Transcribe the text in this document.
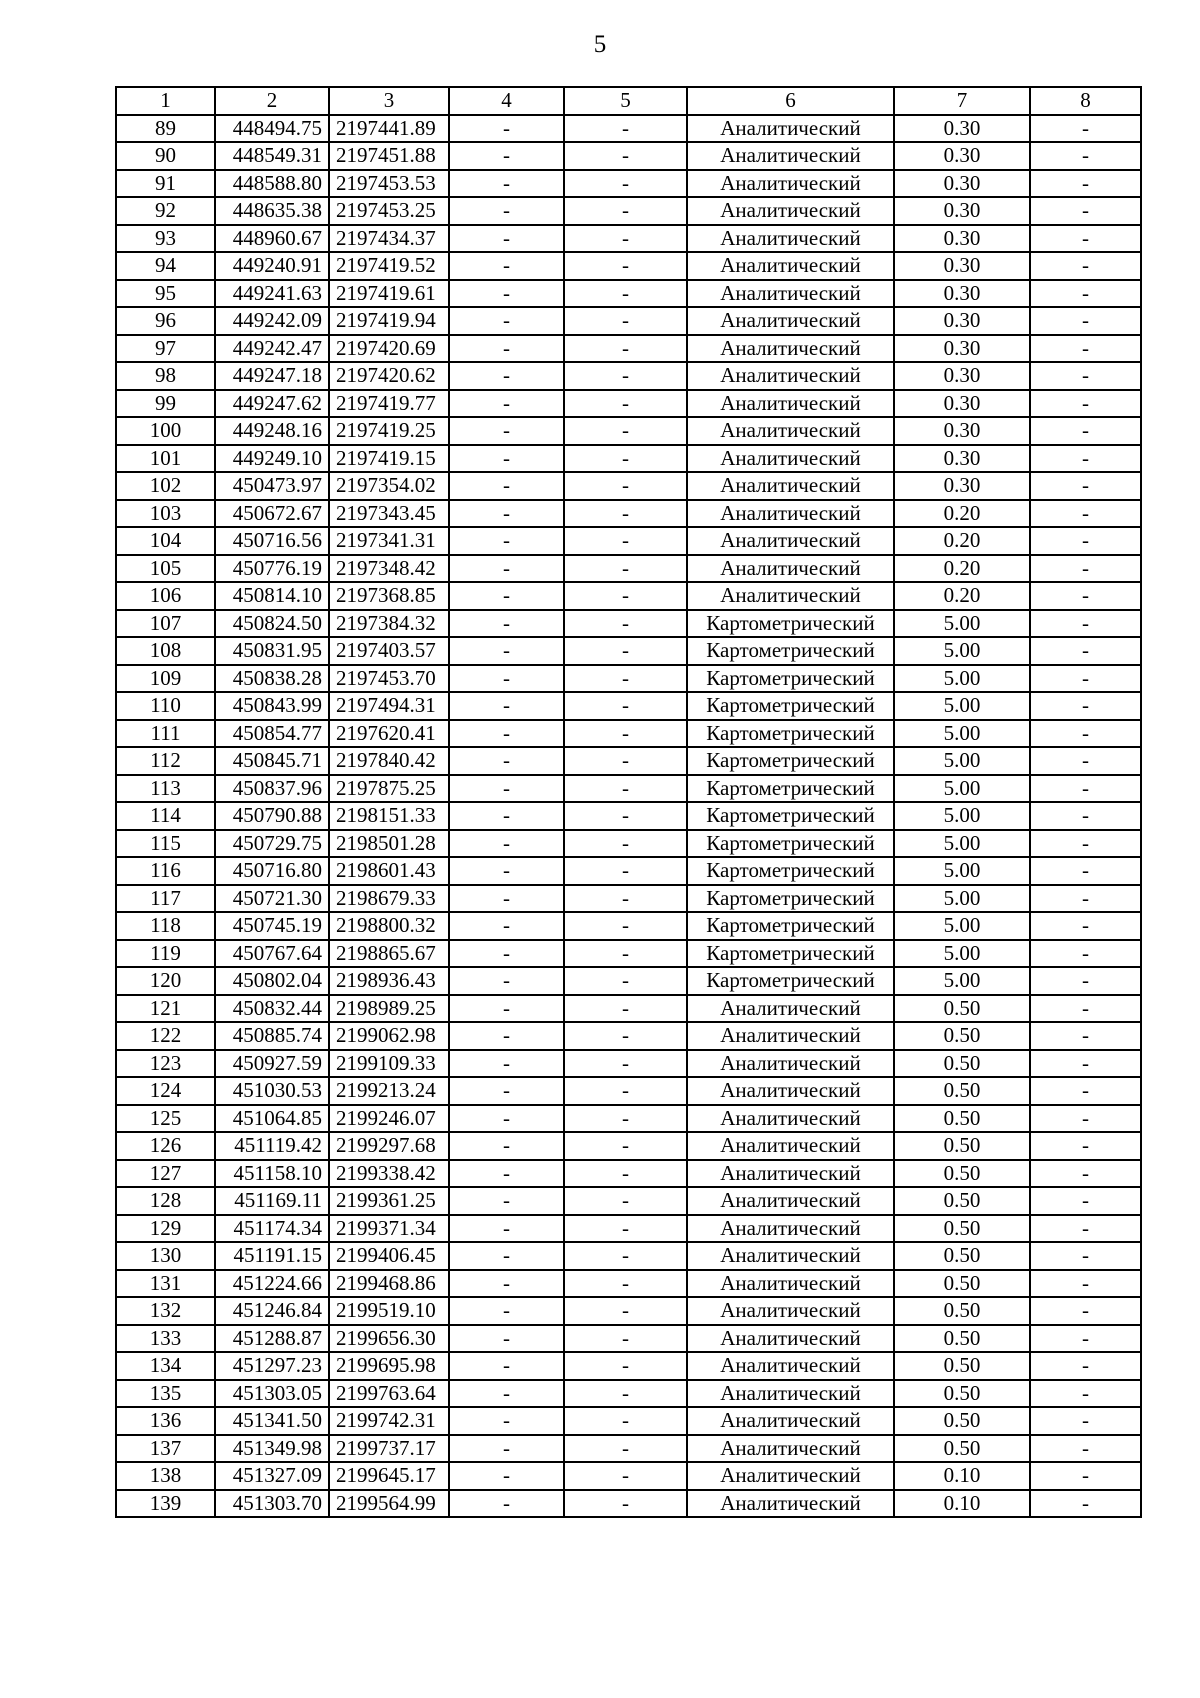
5
1	2	3	4	5	6	7	8
89	448494.75	2197441.89	-	-	Аналитический	0.30	-
90	448549.31	2197451.88	-	-	Аналитический	0.30	-
91	448588.80	2197453.53	-	-	Аналитический	0.30	-
92	448635.38	2197453.25	-	-	Аналитический	0.30	-
93	448960.67	2197434.37	-	-	Аналитический	0.30	-
94	449240.91	2197419.52	-	-	Аналитический	0.30	-
95	449241.63	2197419.61	-	-	Аналитический	0.30	-
96	449242.09	2197419.94	-	-	Аналитический	0.30	-
97	449242.47	2197420.69	-	-	Аналитический	0.30	-
98	449247.18	2197420.62	-	-	Аналитический	0.30	-
99	449247.62	2197419.77	-	-	Аналитический	0.30	-
100	449248.16	2197419.25	-	-	Аналитический	0.30	-
101	449249.10	2197419.15	-	-	Аналитический	0.30	-
102	450473.97	2197354.02	-	-	Аналитический	0.30	-
103	450672.67	2197343.45	-	-	Аналитический	0.20	-
104	450716.56	2197341.31	-	-	Аналитический	0.20	-
105	450776.19	2197348.42	-	-	Аналитический	0.20	-
106	450814.10	2197368.85	-	-	Аналитический	0.20	-
107	450824.50	2197384.32	-	-	Картометрический	5.00	-
108	450831.95	2197403.57	-	-	Картометрический	5.00	-
109	450838.28	2197453.70	-	-	Картометрический	5.00	-
110	450843.99	2197494.31	-	-	Картометрический	5.00	-
111	450854.77	2197620.41	-	-	Картометрический	5.00	-
112	450845.71	2197840.42	-	-	Картометрический	5.00	-
113	450837.96	2197875.25	-	-	Картометрический	5.00	-
114	450790.88	2198151.33	-	-	Картометрический	5.00	-
115	450729.75	2198501.28	-	-	Картометрический	5.00	-
116	450716.80	2198601.43	-	-	Картометрический	5.00	-
117	450721.30	2198679.33	-	-	Картометрический	5.00	-
118	450745.19	2198800.32	-	-	Картометрический	5.00	-
119	450767.64	2198865.67	-	-	Картометрический	5.00	-
120	450802.04	2198936.43	-	-	Картометрический	5.00	-
121	450832.44	2198989.25	-	-	Аналитический	0.50	-
122	450885.74	2199062.98	-	-	Аналитический	0.50	-
123	450927.59	2199109.33	-	-	Аналитический	0.50	-
124	451030.53	2199213.24	-	-	Аналитический	0.50	-
125	451064.85	2199246.07	-	-	Аналитический	0.50	-
126	451119.42	2199297.68	-	-	Аналитический	0.50	-
127	451158.10	2199338.42	-	-	Аналитический	0.50	-
128	451169.11	2199361.25	-	-	Аналитический	0.50	-
129	451174.34	2199371.34	-	-	Аналитический	0.50	-
130	451191.15	2199406.45	-	-	Аналитический	0.50	-
131	451224.66	2199468.86	-	-	Аналитический	0.50	-
132	451246.84	2199519.10	-	-	Аналитический	0.50	-
133	451288.87	2199656.30	-	-	Аналитический	0.50	-
134	451297.23	2199695.98	-	-	Аналитический	0.50	-
135	451303.05	2199763.64	-	-	Аналитический	0.50	-
136	451341.50	2199742.31	-	-	Аналитический	0.50	-
137	451349.98	2199737.17	-	-	Аналитический	0.50	-
138	451327.09	2199645.17	-	-	Аналитический	0.10	-
139	451303.70	2199564.99	-	-	Аналитический	0.10	-
